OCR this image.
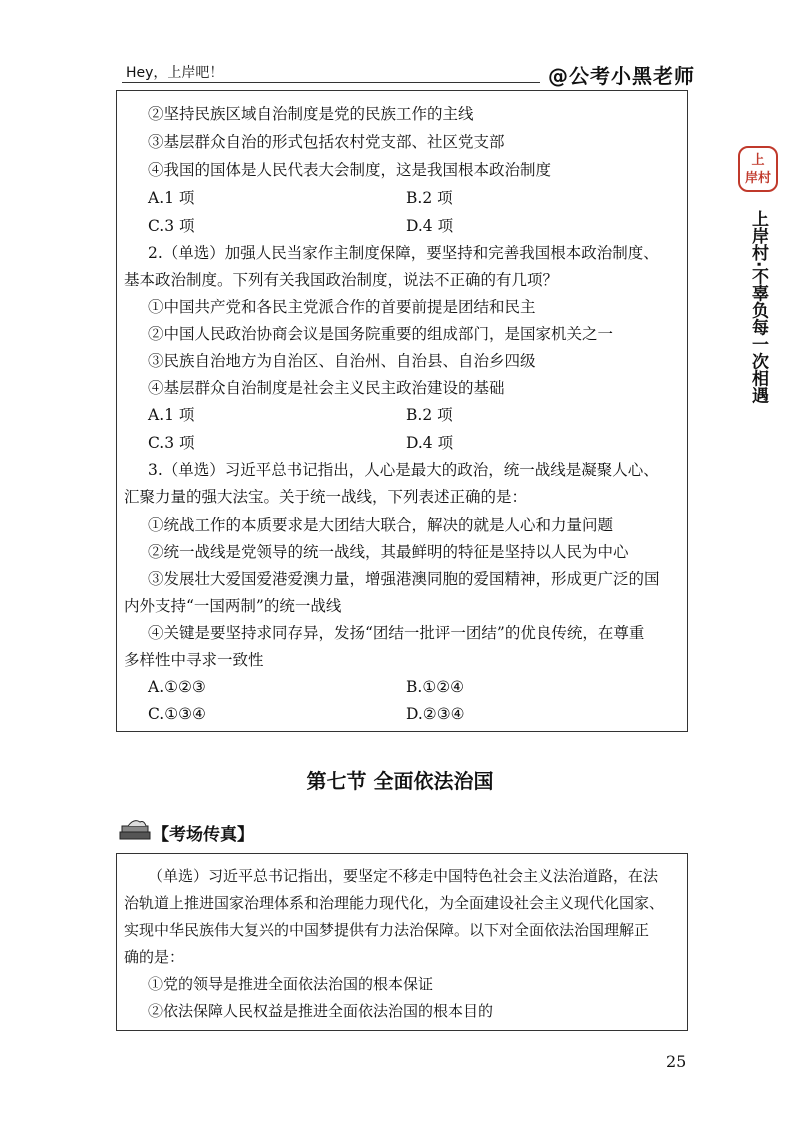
Hey，上岸吧！	@公考小黑老师
上
岸村
上岸村·不辜负每一次相遇
②坚持民族区域自治制度是党的民族工作的主线
③基层群众自治的形式包括农村党支部、社区党支部
④我国的国体是人民代表大会制度，这是我国根本政治制度
A.1 项	B.2 项
C.3 项	D.4 项
2.（单选）加强人民当家作主制度保障，要坚持和完善我国根本政治制度、
基本政治制度。下列有关我国政治制度，说法不正确的有几项？
①中国共产党和各民主党派合作的首要前提是团结和民主
②中国人民政治协商会议是国务院重要的组成部门，是国家机关之一
③民族自治地方为自治区、自治州、自治县、自治乡四级
④基层群众自治制度是社会主义民主政治建设的基础
A.1 项	B.2 项
C.3 项	D.4 项
3.（单选）习近平总书记指出，人心是最大的政治，统一战线是凝聚人心、
汇聚力量的强大法宝。关于统一战线，下列表述正确的是：
①统战工作的本质要求是大团结大联合，解决的就是人心和力量问题
②统一战线是党领导的统一战线，其最鲜明的特征是坚持以人民为中心
③发展壮大爱国爱港爱澳力量，增强港澳同胞的爱国精神，形成更广泛的国
内外支持“一国两制”的统一战线
④关键是要坚持求同存异，发扬“团结一批评一团结”的优良传统，在尊重
多样性中寻求一致性
A.①②③	B.①②④
C.①③④	D.②③④
第七节 全面依法治国
【考场传真】
（单选）习近平总书记指出，要坚定不移走中国特色社会主义法治道路，在法
治轨道上推进国家治理体系和治理能力现代化，为全面建设社会主义现代化国家、
实现中华民族伟大复兴的中国梦提供有力法治保障。以下对全面依法治国理解正
确的是：
①党的领导是推进全面依法治国的根本保证
②依法保障人民权益是推进全面依法治国的根本目的
25
